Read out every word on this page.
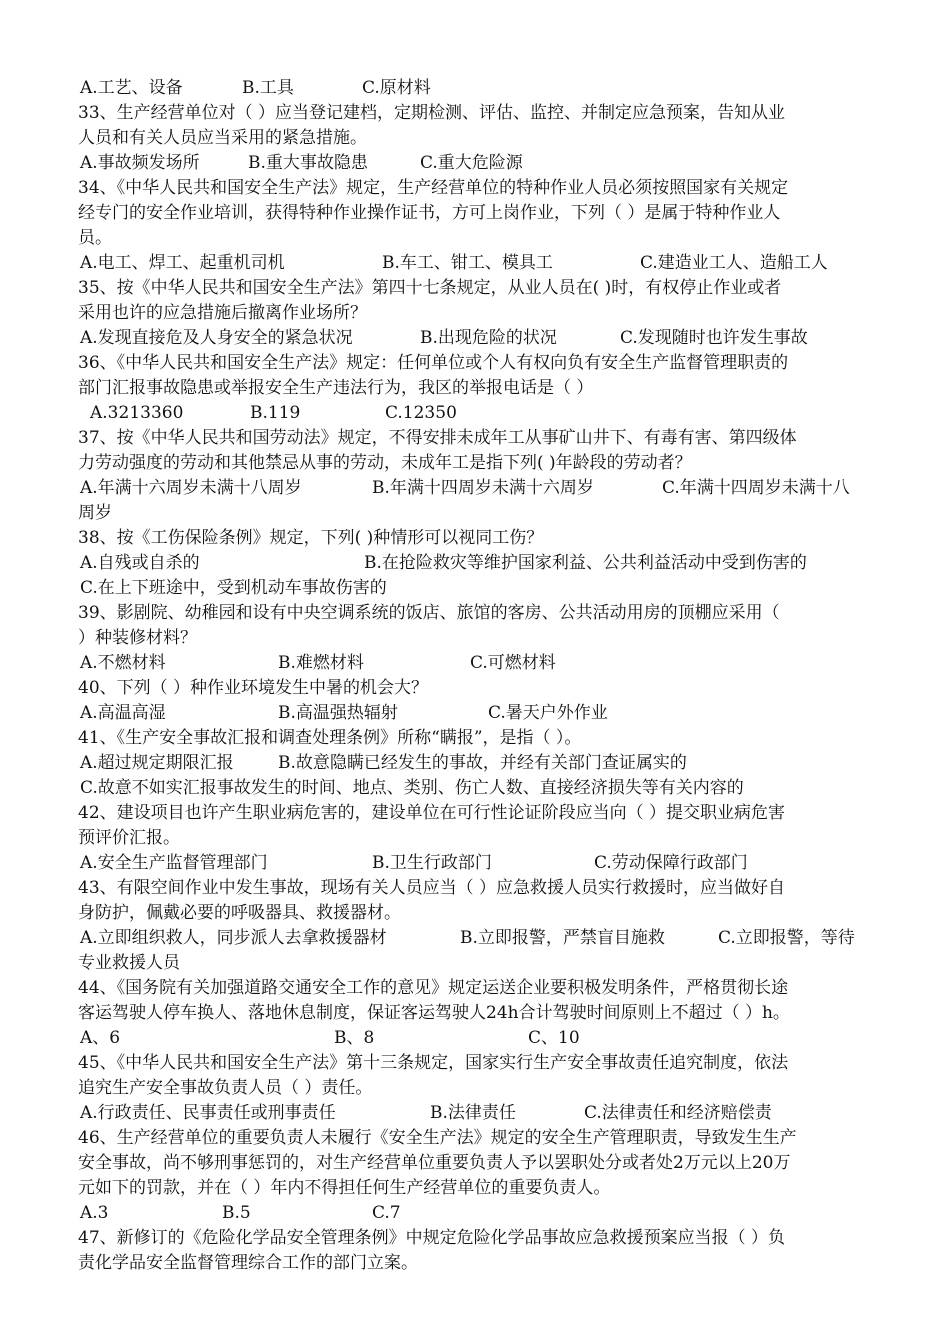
A.工艺、设备	B.工具	C.原材料
33、生产经营单位对（ ）应当登记建档，定期检测、评估、监控、并制定应急预案，告知从业
人员和有关人员应当采用的紧急措施。
A.事故频发场所	B.重大事故隐患	C.重大危险源
34、《中华人民共和国安全生产法》规定，生产经营单位的特种作业人员必须按照国家有关规定
经专门的安全作业培训，获得特种作业操作证书，方可上岗作业，下列（ ）是属于特种作业人
员。
A.电工、焊工、起重机司机	B.车工、钳工、模具工	C.建造业工人、造船工人
35、按《中华人民共和国安全生产法》第四十七条规定，从业人员在( )时，有权停止作业或者
采用也许的应急措施后撤离作业场所？
A.发现直接危及人身安全的紧急状况	B.出现危险的状况	C.发现随时也许发生事故
36、《中华人民共和国安全生产法》规定：任何单位或个人有权向负有安全生产监督管理职责的
部门汇报事故隐患或举报安全生产违法行为，我区的举报电话是（ ）
A.3213360	B.119	C.12350
37、按《中华人民共和国劳动法》规定，不得安排未成年工从事矿山井下、有毒有害、第四级体
力劳动强度的劳动和其他禁忌从事的劳动，未成年工是指下列( )年龄段的劳动者？
A.年满十六周岁未满十八周岁	B.年满十四周岁未满十六周岁	C.年满十四周岁未满十八
周岁
38、按《工伤保险条例》规定，下列( )种情形可以视同工伤？
A.自残或自杀的	B.在抢险救灾等维护国家利益、公共利益活动中受到伤害的
C.在上下班途中，受到机动车事故伤害的
39、影剧院、幼稚园和设有中央空调系统的饭店、旅馆的客房、公共活动用房的顶棚应采用（
）种装修材料？
A.不燃材料	B.难燃材料	C.可燃材料
40、下列（ ）种作业环境发生中暑的机会大？
A.高温高湿	B.高温强热辐射	C.暑天户外作业
41、《生产安全事故汇报和调查处理条例》所称“瞒报”，是指（ ）。
A.超过规定期限汇报	B.故意隐瞒已经发生的事故，并经有关部门查证属实的
C.故意不如实汇报事故发生的时间、地点、类别、伤亡人数、直接经济损失等有关内容的
42、建设项目也许产生职业病危害的，建设单位在可行性论证阶段应当向（ ）提交职业病危害
预评价汇报。
A.安全生产监督管理部门	B.卫生行政部门	C.劳动保障行政部门
43、有限空间作业中发生事故，现场有关人员应当（ ）应急救援人员实行救援时，应当做好自
身防护，佩戴必要的呼吸器具、救援器材。
A.立即组织救人，同步派人去拿救援器材	B.立即报警，严禁盲目施救	C.立即报警，等待
专业救援人员
44、《国务院有关加强道路交通安全工作的意见》规定运送企业要积极发明条件，严格贯彻长途
客运驾驶人停车换人、落地休息制度，保证客运驾驶人24h合计驾驶时间原则上不超过（ ）h。
A、6	B、8	C、10
45、《中华人民共和国安全生产法》第十三条规定，国家实行生产安全事故责任追究制度，依法
追究生产安全事故负责人员（ ）责任。
A.行政责任、民事责任或刑事责任	B.法律责任	C.法律责任和经济赔偿责
46、生产经营单位的重要负责人未履行《安全生产法》规定的安全生产管理职责，导致发生生产
安全事故，尚不够刑事惩罚的，对生产经营单位重要负责人予以罢职处分或者处2万元以上20万
元如下的罚款，并在（ ）年内不得担任何生产经营单位的重要负责人。
A.3	B.5	C.7
47、新修订的《危险化学品安全管理条例》中规定危险化学品事故应急救援预案应当报（ ）负
责化学品安全监督管理综合工作的部门立案。
